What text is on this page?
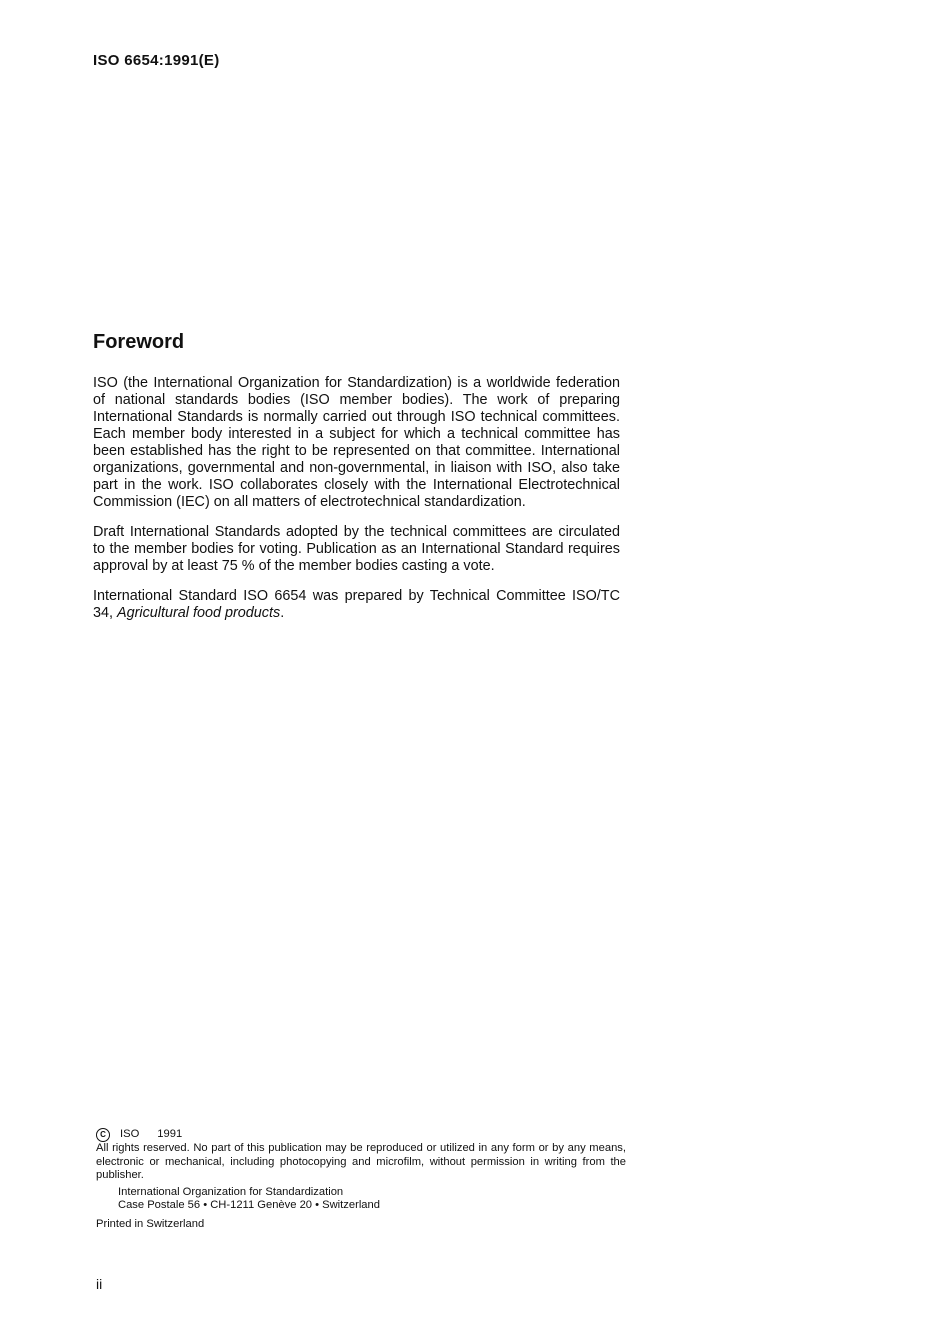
ISO 6654:1991(E)
Foreword

ISO (the International Organization for Standardization) is a worldwide federation of national standards bodies (ISO member bodies). The work of preparing International Standards is normally carried out through ISO technical committees. Each member body interested in a subject for which a technical committee has been established has the right to be represented on that committee. International organizations, governmental and non-governmental, in liaison with ISO, also take part in the work. ISO collaborates closely with the International Electrotechnical Commission (IEC) on all matters of electrotechnical standardization.

Draft International Standards adopted by the technical committees are circulated to the member bodies for voting. Publication as an International Standard requires approval by at least 75 % of the member bodies casting a vote.

International Standard ISO 6654 was prepared by Technical Committee ISO/TC 34, Agricultural food products.

C	ISO 1991

All rights reserved. No part of this publication may be reproduced or utilized in any form or by any means, electronic or mechanical, including photocopying and microfilm, without permission in writing from the publisher.

International Organization for Standardization
Case Postale 56 • CH-1211 Genève 20 • Switzerland
Printed in Switzerland
ii
